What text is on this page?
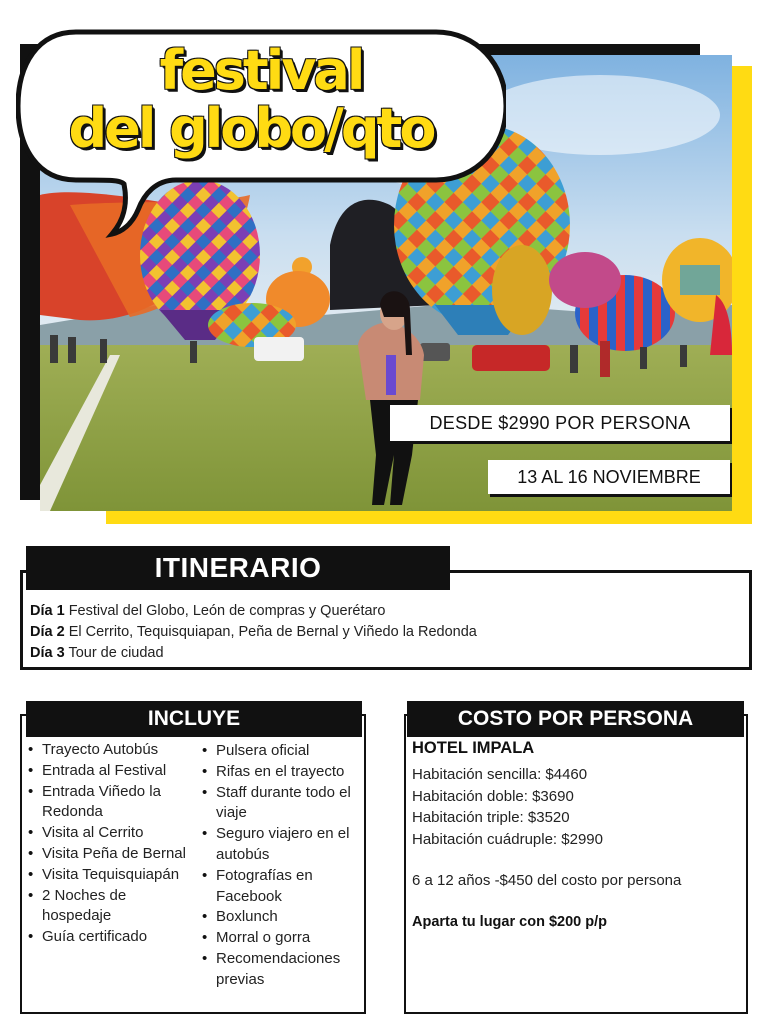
festival
del globo/qto
DESDE $2990 POR PERSONA
13 AL 16 NOVIEMBRE
ITINERARIO
Día 1 Festival del Globo, León de compras y Querétaro
Día 2 El Cerrito, Tequisquiapan, Peña de Bernal y Viñedo la Redonda
Día 3 Tour de ciudad
INCLUYE
• Trayecto Autobús
• Entrada al Festival
• Entrada Viñedo la Redonda
• Visita al Cerrito
• Visita Peña de Bernal
• Visita Tequisquiapán
• 2 Noches de hospedaje
• Guía certificado
• Pulsera oficial
• Rifas en el trayecto
• Staff durante todo el viaje
• Seguro viajero en el autobús
• Fotografías en Facebook
• Boxlunch
• Morral o gorra
• Recomendaciones previas
COSTO POR PERSONA
HOTEL IMPALA
Habitación sencilla: $4460
Habitación doble: $3690
Habitación triple: $3520
Habitación cuádruple: $2990
6 a 12 años -$450 del costo por persona
Aparta tu lugar con $200 p/p
